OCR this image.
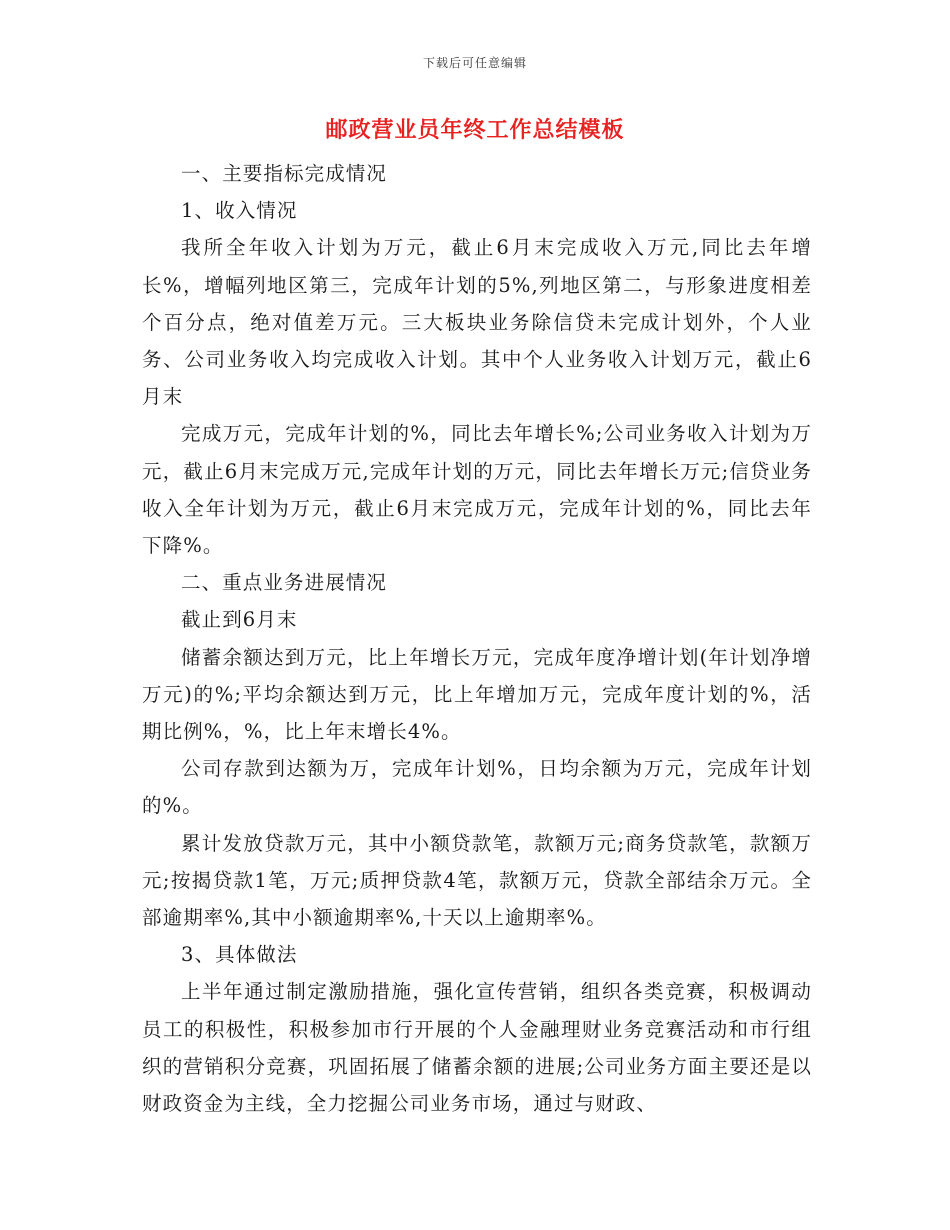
下载后可任意编辑
邮政营业员年终工作总结模板

一、主要指标完成情况

1、收入情况

我所全年收入计划为万元，截止6月末完成收入万元,同比去年增长%，增幅列地区第三，完成年计划的5%,列地区第二，与形象进度相差个百分点，绝对值差万元。三大板块业务除信贷未完成计划外，个人业务、公司业务收入均完成收入计划。其中个人业务收入计划万元，截止6月末

完成万元，完成年计划的%，同比去年增长%;公司业务收入计划为万元，截止6月末完成万元,完成年计划的万元，同比去年增长万元;信贷业务收入全年计划为万元，截止6月末完成万元，完成年计划的%，同比去年下降%。

二、重点业务进展情况

截止到6月末

储蓄余额达到万元，比上年增长万元，完成年度净增计划(年计划净增万元)的%;平均余额达到万元，比上年增加万元，完成年度计划的%，活期比例%，%，比上年末增长4%。

公司存款到达额为万，完成年计划%，日均余额为万元，完成年计划的%。

累计发放贷款万元，其中小额贷款笔，款额万元;商务贷款笔，款额万元;按揭贷款1笔，万元;质押贷款4笔，款额万元，贷款全部结余万元。全部逾期率%,其中小额逾期率%,十天以上逾期率%。

3、具体做法

上半年通过制定激励措施，强化宣传营销，组织各类竞赛，积极调动员工的积极性，积极参加市行开展的个人金融理财业务竞赛活动和市行组织的营销积分竞赛，巩固拓展了储蓄余额的进展;公司业务方面主要还是以财政资金为主线，全力挖掘公司业务市场，通过与财政、
